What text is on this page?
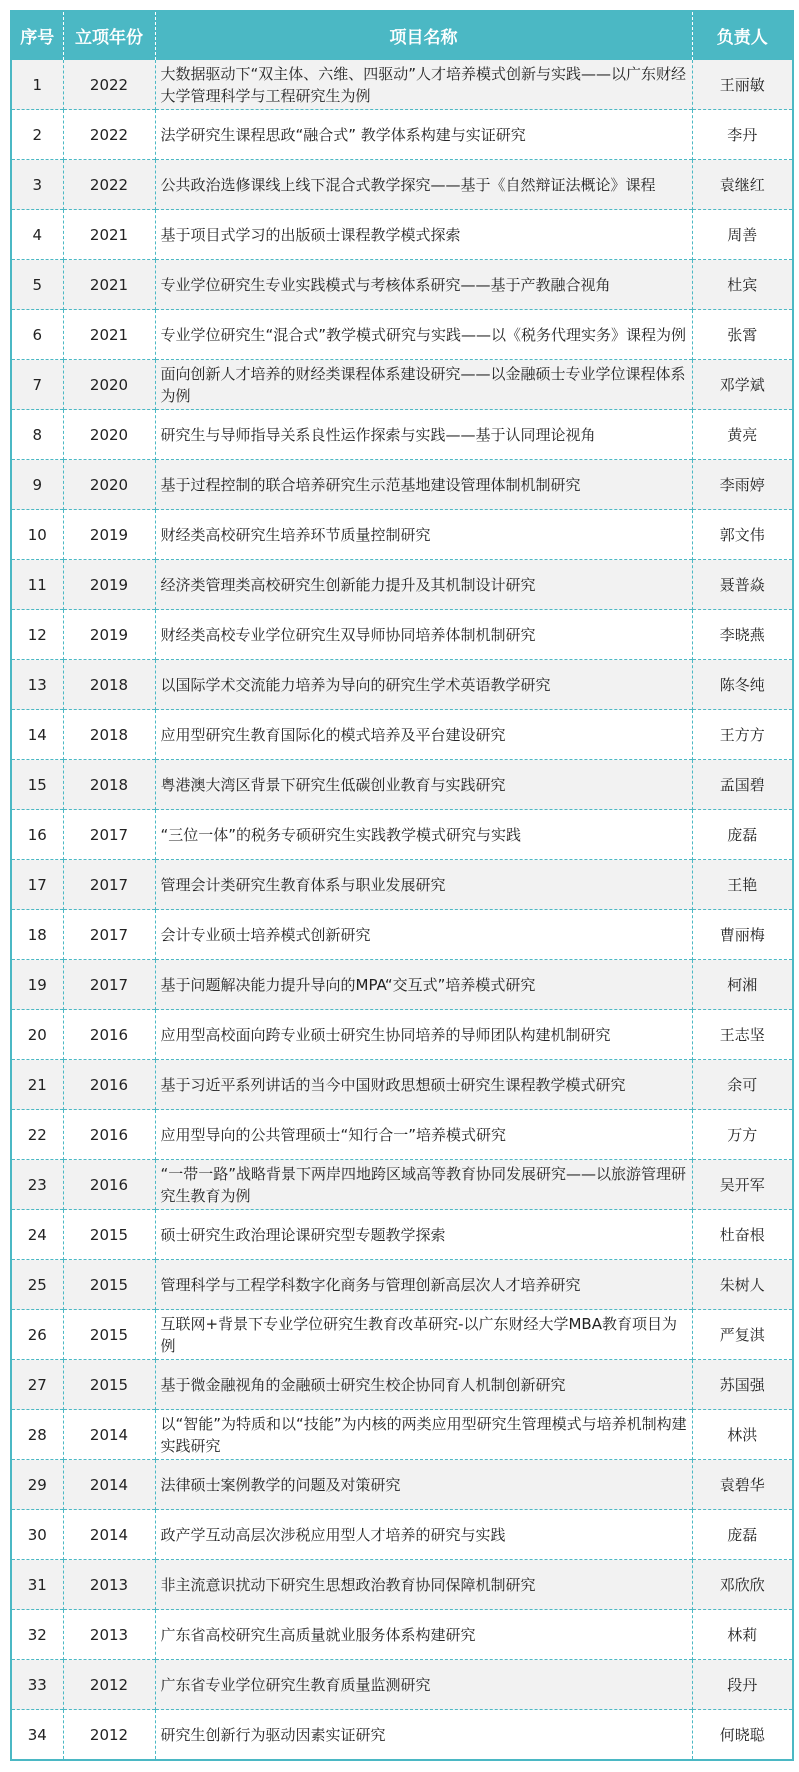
序号	立项年份	项目名称	负责人
1	2022	大数据驱动下“双主体、六维、四驱动”人才培养模式创新与实践——以广东财经大学管理科学与工程研究生为例	王丽敏
2	2022	法学研究生课程思政“融合式” 教学体系构建与实证研究	李丹
3	2022	公共政治选修课线上线下混合式教学探究——基于《自然辩证法概论》课程	袁继红
4	2021	基于项目式学习的出版硕士课程教学模式探索	周善
5	2021	专业学位研究生专业实践模式与考核体系研究——基于产教融合视角	杜宾
6	2021	专业学位研究生“混合式”教学模式研究与实践——以《税务代理实务》课程为例	张霄
7	2020	面向创新人才培养的财经类课程体系建设研究——以金融硕士专业学位课程体系为例	邓学斌
8	2020	研究生与导师指导关系良性运作探索与实践——基于认同理论视角	黄亮
9	2020	基于过程控制的联合培养研究生示范基地建设管理体制机制研究	李雨婷
10	2019	财经类高校研究生培养环节质量控制研究	郭文伟
11	2019	经济类管理类高校研究生创新能力提升及其机制设计研究	聂普焱
12	2019	财经类高校专业学位研究生双导师协同培养体制机制研究	李晓燕
13	2018	以国际学术交流能力培养为导向的研究生学术英语教学研究	陈冬纯
14	2018	应用型研究生教育国际化的模式培养及平台建设研究	王方方
15	2018	粤港澳大湾区背景下研究生低碳创业教育与实践研究	孟国碧
16	2017	“三位一体”的税务专硕研究生实践教学模式研究与实践	庞磊
17	2017	管理会计类研究生教育体系与职业发展研究	王艳
18	2017	会计专业硕士培养模式创新研究	曹丽梅
19	2017	基于问题解决能力提升导向的MPA“交互式”培养模式研究	柯湘
20	2016	应用型高校面向跨专业硕士研究生协同培养的导师团队构建机制研究	王志坚
21	2016	基于习近平系列讲话的当今中国财政思想硕士研究生课程教学模式研究	余可
22	2016	应用型导向的公共管理硕士“知行合一”培养模式研究	万方
23	2016	“一带一路”战略背景下两岸四地跨区域高等教育协同发展研究——以旅游管理研究生教育为例	吴开军
24	2015	硕士研究生政治理论课研究型专题教学探索	杜奋根
25	2015	管理科学与工程学科数字化商务与管理创新高层次人才培养研究	朱树人
26	2015	互联网+背景下专业学位研究生教育改革研究-以广东财经大学MBA教育项目为例	严复淇
27	2015	基于微金融视角的金融硕士研究生校企协同育人机制创新研究	苏国强
28	2014	以“智能”为特质和以“技能”为内核的两类应用型研究生管理模式与培养机制构建实践研究	林洪
29	2014	法律硕士案例教学的问题及对策研究	袁碧华
30	2014	政产学互动高层次涉税应用型人才培养的研究与实践	庞磊
31	2013	非主流意识扰动下研究生思想政治教育协同保障机制研究	邓欣欣
32	2013	广东省高校研究生高质量就业服务体系构建研究	林莉
33	2012	广东省专业学位研究生教育质量监测研究	段丹
34	2012	研究生创新行为驱动因素实证研究	何晓聪
